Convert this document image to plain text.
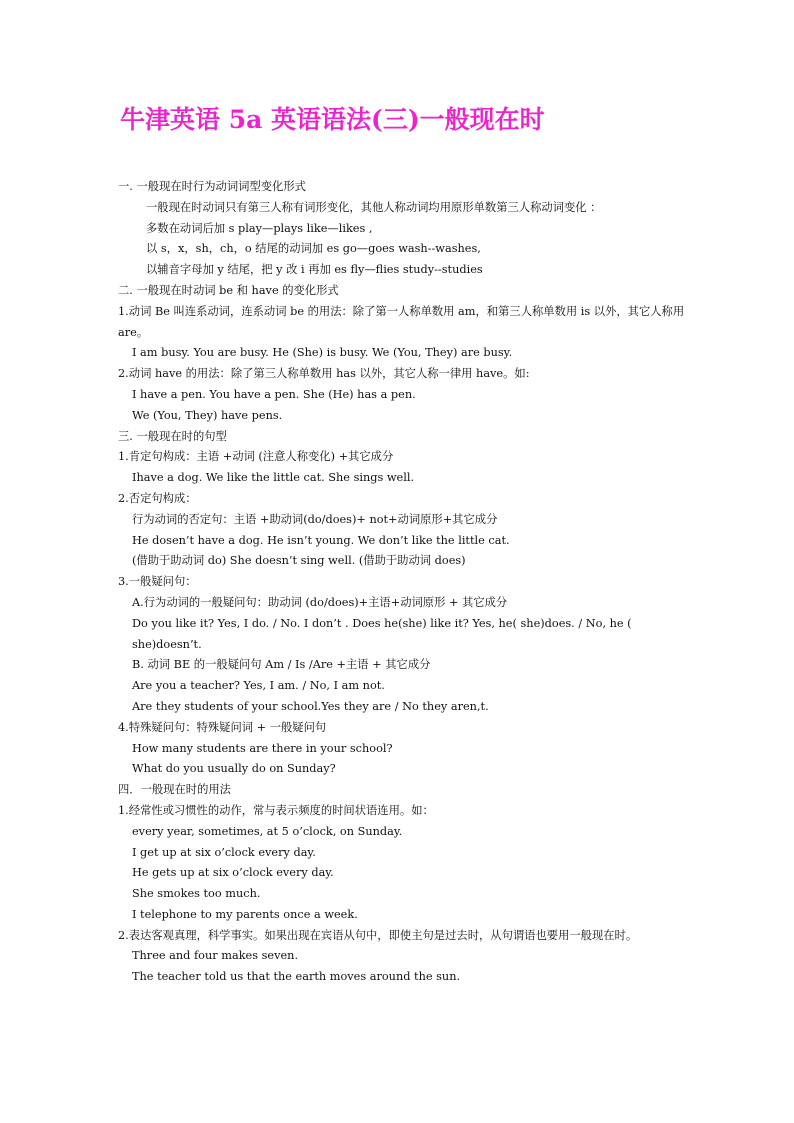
牛津英语 5a 英语语法(三)一般现在时
一. 一般现在时行为动词词型变化形式
一般现在时动词只有第三人称有词形变化，其他人称动词均用原形单数第三人称动词变化 ：
多数在动词后加 s play—plays like—likes ,
以 s，x，sh，ch，o 结尾的动词加 es go—goes wash--washes,
以辅音字母加 y 结尾，把 y 改 i 再加 es fly—flies study--studies
二. 一般现在时动词 be 和 have 的变化形式
1.动词 Be 叫连系动词，连系动词 be 的用法：除了第一人称单数用 am，和第三人称单数用 is 以外，其它人称用 are。
I am busy. You are busy. He (She) is busy. We (You, They) are busy.
2.动词 have 的用法：除了第三人称单数用 has 以外，其它人称一律用 have。如:
I have a pen. You have a pen. She (He) has a pen.
We (You, They) have pens.
三. 一般现在时的句型
1.肯定句构成：主语 +动词 (注意人称变化) +其它成分
Ihave a dog. We like the little cat. She sings well.
2.否定句构成：
行为动词的否定句：主语 +助动词(do/does)+ not+动词原形+其它成分
He dosen’t have a dog. He isn’t young. We don’t like the little cat.
(借助于助动词 do) She doesn’t sing well. (借助于助动词 does)
3.一般疑问句：
A.行为动词的一般疑问句：助动词 (do/does)+主语+动词原形 + 其它成分
Do you like it? Yes, I do. / No. I don’t . Does he(she) like it? Yes, he( she)does. / No, he ( she)doesn’t.
B. 动词 BE 的一般疑问句 Am / Is /Are +主语 + 其它成分
Are you a teacher? Yes, I am. / No, I am not.
Are they students of your school.Yes they are / No they aren,t.
4.特殊疑问句：特殊疑问词 + 一般疑问句
How many students are there in your school?
What do you usually do on Sunday?
四．一般现在时的用法
1.经常性或习惯性的动作，常与表示频度的时间状语连用。如：
every year, sometimes, at 5 o’clock, on Sunday.
I get up at six o’clock every day.
He gets up at six o’clock every day.
She smokes too much.
I telephone to my parents once a week.
2.表达客观真理，科学事实。如果出现在宾语从句中，即使主句是过去时，从句谓语也要用一般现在时。
Three and four makes seven.
The teacher told us that the earth moves around the sun.
